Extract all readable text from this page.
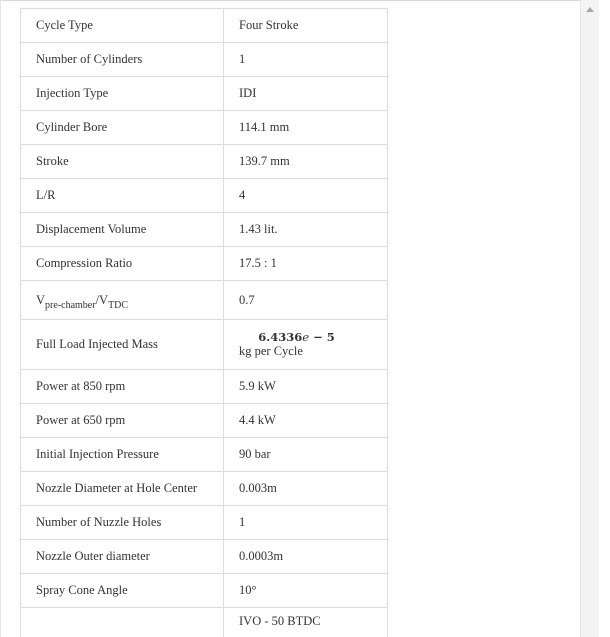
Cycle Type	Four Stroke
Number of Cylinders	1
Injection Type	IDI
Cylinder Bore	114.1 mm
Stroke	139.7 mm
L/R	4
Displacement Volume	1.43 lit.
Compression Ratio	17.5 : 1
$V_{pre-chamber}/V_{TDC}$	0.7
Full Load Injected Mass	6.4336e − 5
kg per Cycle
Power at 850 rpm	5.9 kW
Power at 650 rpm	4.4 kW
Initial Injection Pressure	90 bar
Nozzle Diameter at Hole Center	0.003m
Number of Nuzzle Holes	1
Nozzle Outer diameter	0.0003m
Spray Cone Angle	10°
	IVO - 50 BTDC
